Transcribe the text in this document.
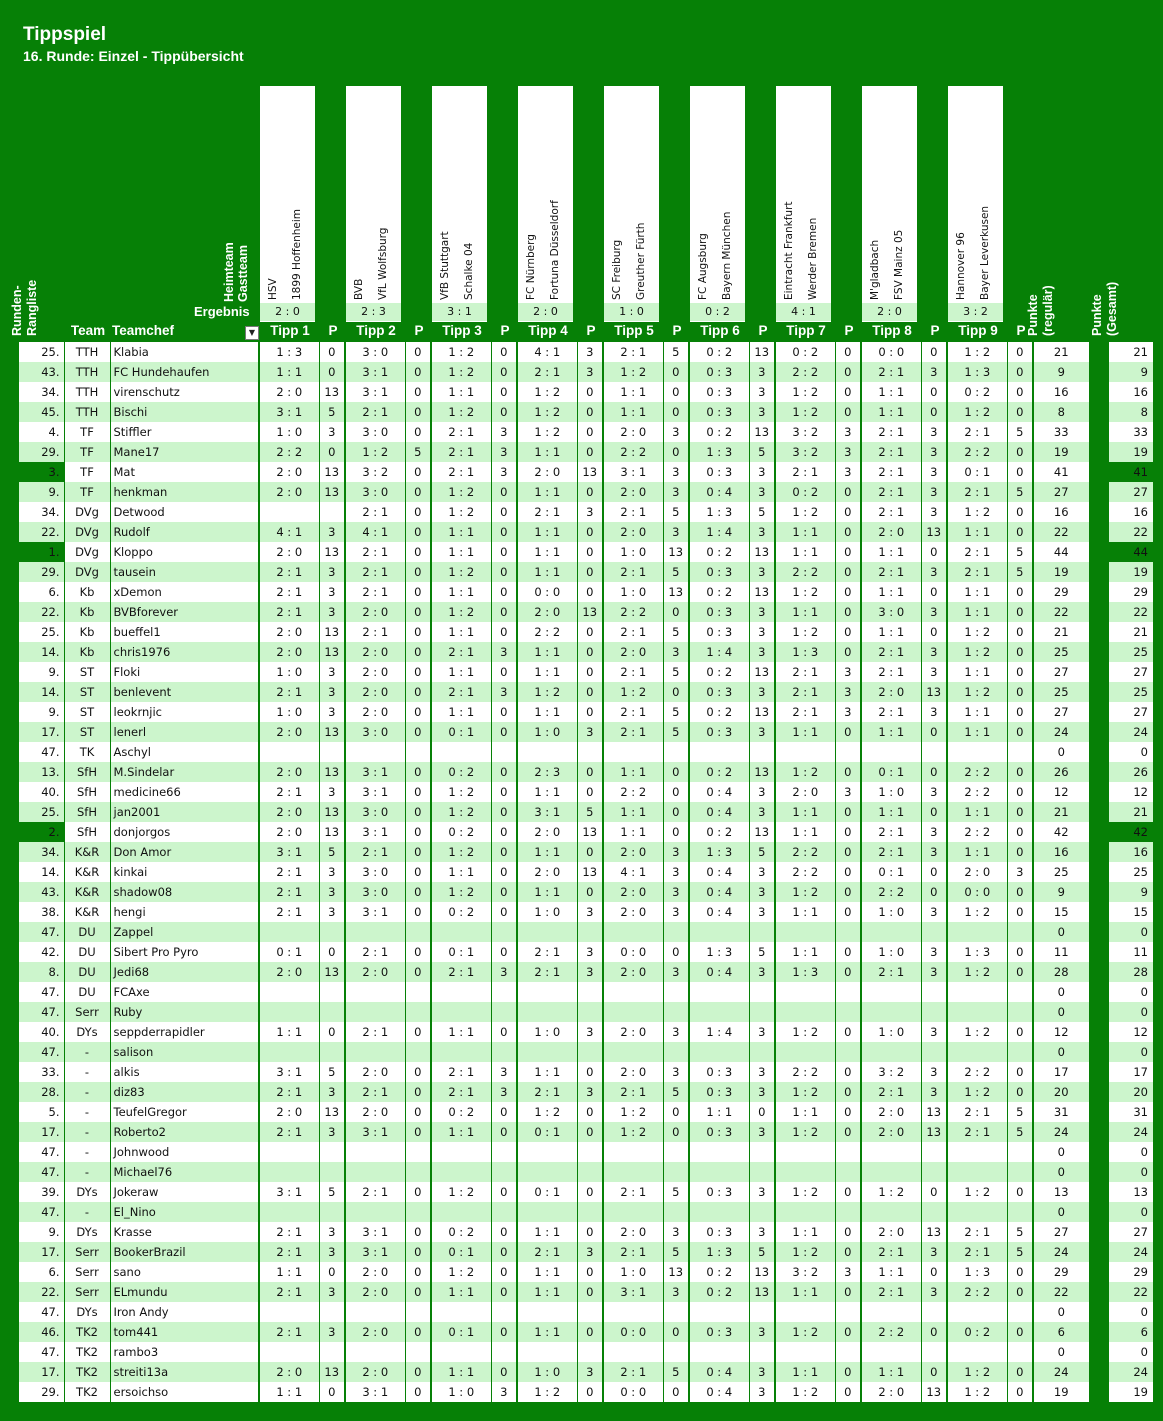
Tippspiel
16. Runde: Einzel - Tippübersicht
HSV 1899 Hoffenheim
2 : 0
BVB VfL Wolfsburg
2 : 3
VfB Stuttgart Schalke 04
3 : 1
FC Nürnberg Fortuna Düsseldorf
2 : 0
SC Freiburg Greuther Fürth
1 : 0
FC Augsburg Bayern München
0 : 2
Eintracht Frankfurt Werder Bremen
4 : 1
M'gladbach FSV Mainz 05
2 : 0
Hannover 96 Bayer Leverkusen
3 : 2
Heimteam Gastteam
Ergebnis
Runden- Rangliste	Team Teamchef	▼	Tipp 1	P	Tipp 2	P	Tipp 3	P	Tipp 4	P	Tipp 5	P	Tipp 6	P	Tipp 7	P	Tipp 8	P	Tipp 9	P Punkte (regulär)	Punkte (Gesamt)
25.	TTH	Klabia	1 : 3	0	3 : 0	0	1 : 2	0	4 : 1	3	2 : 1	5	0 : 2	13	0 : 2	0	0 : 0	0	1 : 2	0	21		21
43.	TTH	FC Hundehaufen	1 : 1	0	3 : 1	0	1 : 2	0	2 : 1	3	1 : 2	0	0 : 3	3	2 : 2	0	2 : 1	3	1 : 3	0	9		9
34.	TTH	virenschutz	2 : 0	13	3 : 1	0	1 : 1	0	1 : 2	0	1 : 1	0	0 : 3	3	1 : 2	0	1 : 1	0	0 : 2	0	16		16
45.	TTH	Bischi	3 : 1	5	2 : 1	0	1 : 2	0	1 : 2	0	1 : 1	0	0 : 3	3	1 : 2	0	1 : 1	0	1 : 2	0	8		8
4.	TF	Stiffler	1 : 0	3	3 : 0	0	2 : 1	3	1 : 2	0	2 : 0	3	0 : 2	13	3 : 2	3	2 : 1	3	2 : 1	5	33		33
29.	TF	Mane17	2 : 2	0	1 : 2	5	2 : 1	3	1 : 1	0	2 : 2	0	1 : 3	5	3 : 2	3	2 : 1	3	2 : 2	0	19		19
3.	TF	Mat	2 : 0	13	3 : 2	0	2 : 1	3	2 : 0	13	3 : 1	3	0 : 3	3	2 : 1	3	2 : 1	3	0 : 1	0	41		41
9.	TF	henkman	2 : 0	13	3 : 0	0	1 : 2	0	1 : 1	0	2 : 0	3	0 : 4	3	0 : 2	0	2 : 1	3	2 : 1	5	27		27
34.	DVg	Detwood			2 : 1	0	1 : 2	0	2 : 1	3	2 : 1	5	1 : 3	5	1 : 2	0	2 : 1	3	1 : 2	0	16		16
22.	DVg	Rudolf	4 : 1	3	4 : 1	0	1 : 1	0	1 : 1	0	2 : 0	3	1 : 4	3	1 : 1	0	2 : 0	13	1 : 1	0	22		22
1.	DVg	Kloppo	2 : 0	13	2 : 1	0	1 : 1	0	1 : 1	0	1 : 0	13	0 : 2	13	1 : 1	0	1 : 1	0	2 : 1	5	44		44
29.	DVg	tausein	2 : 1	3	2 : 1	0	1 : 2	0	1 : 1	0	2 : 1	5	0 : 3	3	2 : 2	0	2 : 1	3	2 : 1	5	19		19
6.	Kb	xDemon	2 : 1	3	2 : 1	0	1 : 1	0	0 : 0	0	1 : 0	13	0 : 2	13	1 : 2	0	1 : 1	0	1 : 1	0	29		29
22.	Kb	BVBforever	2 : 1	3	2 : 0	0	1 : 2	0	2 : 0	13	2 : 2	0	0 : 3	3	1 : 1	0	3 : 0	3	1 : 1	0	22		22
25.	Kb	bueffel1	2 : 0	13	2 : 1	0	1 : 1	0	2 : 2	0	2 : 1	5	0 : 3	3	1 : 2	0	1 : 1	0	1 : 2	0	21		21
14.	Kb	chris1976	2 : 0	13	2 : 0	0	2 : 1	3	1 : 1	0	2 : 0	3	1 : 4	3	1 : 3	0	2 : 1	3	1 : 2	0	25		25
9.	ST	Floki	1 : 0	3	2 : 0	0	1 : 1	0	1 : 1	0	2 : 1	5	0 : 2	13	2 : 1	3	2 : 1	3	1 : 1	0	27		27
14.	ST	benlevent	2 : 1	3	2 : 0	0	2 : 1	3	1 : 2	0	1 : 2	0	0 : 3	3	2 : 1	3	2 : 0	13	1 : 2	0	25		25
9.	ST	leokrnjic	1 : 0	3	2 : 0	0	1 : 1	0	1 : 1	0	2 : 1	5	0 : 2	13	2 : 1	3	2 : 1	3	1 : 1	0	27		27
17.	ST	lenerl	2 : 0	13	3 : 0	0	0 : 1	0	1 : 0	3	2 : 1	5	0 : 3	3	1 : 1	0	1 : 1	0	1 : 1	0	24		24
47.	TK	Aschyl																			0		0
13.	SfH	M.Sindelar	2 : 0	13	3 : 1	0	0 : 2	0	2 : 3	0	1 : 1	0	0 : 2	13	1 : 2	0	0 : 1	0	2 : 2	0	26		26
40.	SfH	medicine66	2 : 1	3	3 : 1	0	1 : 2	0	1 : 1	0	2 : 2	0	0 : 4	3	2 : 0	3	1 : 0	3	2 : 2	0	12		12
25.	SfH	jan2001	2 : 0	13	3 : 0	0	1 : 2	0	3 : 1	5	1 : 1	0	0 : 4	3	1 : 1	0	1 : 1	0	1 : 1	0	21		21
2.	SfH	donjorgos	2 : 0	13	3 : 1	0	0 : 2	0	2 : 0	13	1 : 1	0	0 : 2	13	1 : 1	0	2 : 1	3	2 : 2	0	42		42
34.	K&R	Don Amor	3 : 1	5	2 : 1	0	1 : 2	0	1 : 1	0	2 : 0	3	1 : 3	5	2 : 2	0	2 : 1	3	1 : 1	0	16		16
14.	K&R	kinkai	2 : 1	3	3 : 0	0	1 : 1	0	2 : 0	13	4 : 1	3	0 : 4	3	2 : 2	0	0 : 1	0	2 : 0	3	25		25
43.	K&R	shadow08	2 : 1	3	3 : 0	0	1 : 2	0	1 : 1	0	2 : 0	3	0 : 4	3	1 : 2	0	2 : 2	0	0 : 0	0	9		9
38.	K&R	hengi	2 : 1	3	3 : 1	0	0 : 2	0	1 : 0	3	2 : 0	3	0 : 4	3	1 : 1	0	1 : 0	3	1 : 2	0	15		15
47.	DU	Zappel																			0		0
42.	DU	Sibert Pro Pyro	0 : 1	0	2 : 1	0	0 : 1	0	2 : 1	3	0 : 0	0	1 : 3	5	1 : 1	0	1 : 0	3	1 : 3	0	11		11
8.	DU	Jedi68	2 : 0	13	2 : 0	0	2 : 1	3	2 : 1	3	2 : 0	3	0 : 4	3	1 : 3	0	2 : 1	3	1 : 2	0	28		28
47.	DU	FCAxe																			0		0
47.	Serr	Ruby																			0		0
40.	DYs	seppderrapidler	1 : 1	0	2 : 1	0	1 : 1	0	1 : 0	3	2 : 0	3	1 : 4	3	1 : 2	0	1 : 0	3	1 : 2	0	12		12
47.	-	salison																			0		0
33.	-	alkis	3 : 1	5	2 : 0	0	2 : 1	3	1 : 1	0	2 : 0	3	0 : 3	3	2 : 2	0	3 : 2	3	2 : 2	0	17		17
28.	-	diz83	2 : 1	3	2 : 1	0	2 : 1	3	2 : 1	3	2 : 1	5	0 : 3	3	1 : 2	0	2 : 1	3	1 : 2	0	20		20
5.	-	TeufelGregor	2 : 0	13	2 : 0	0	0 : 2	0	1 : 2	0	1 : 2	0	1 : 1	0	1 : 1	0	2 : 0	13	2 : 1	5	31		31
17.	-	Roberto2	2 : 1	3	3 : 1	0	1 : 1	0	0 : 1	0	1 : 2	0	0 : 3	3	1 : 2	0	2 : 0	13	2 : 1	5	24		24
47.	-	Johnwood																			0		0
47.	-	Michael76																			0		0
39.	DYs	Jokeraw	3 : 1	5	2 : 1	0	1 : 2	0	0 : 1	0	2 : 1	5	0 : 3	3	1 : 2	0	1 : 2	0	1 : 2	0	13		13
47.	-	El_Nino																			0		0
9.	DYs	Krasse	2 : 1	3	3 : 1	0	0 : 2	0	1 : 1	0	2 : 0	3	0 : 3	3	1 : 1	0	2 : 0	13	2 : 1	5	27		27
17.	Serr	BookerBrazil	2 : 1	3	3 : 1	0	0 : 1	0	2 : 1	3	2 : 1	5	1 : 3	5	1 : 2	0	2 : 1	3	2 : 1	5	24		24
6.	Serr	sano	1 : 1	0	2 : 0	0	1 : 2	0	1 : 1	0	1 : 0	13	0 : 2	13	3 : 2	3	1 : 1	0	1 : 3	0	29		29
22.	Serr	ELmundu	2 : 1	3	2 : 0	0	1 : 1	0	1 : 1	0	3 : 1	3	0 : 2	13	1 : 1	0	2 : 1	3	2 : 2	0	22		22
47.	DYs	Iron Andy																			0		0
46.	TK2	tom441	2 : 1	3	2 : 0	0	0 : 1	0	1 : 1	0	0 : 0	0	0 : 3	3	1 : 2	0	2 : 2	0	0 : 2	0	6		6
47.	TK2	rambo3																			0		0
17.	TK2	streiti13a	2 : 0	13	2 : 0	0	1 : 1	0	1 : 0	3	2 : 1	5	0 : 4	3	1 : 1	0	1 : 1	0	1 : 2	0	24		24
29.	TK2	ersoichso	1 : 1	0	3 : 1	0	1 : 0	3	1 : 2	0	0 : 0	0	0 : 4	3	1 : 2	0	2 : 0	13	1 : 2	0	19		19
